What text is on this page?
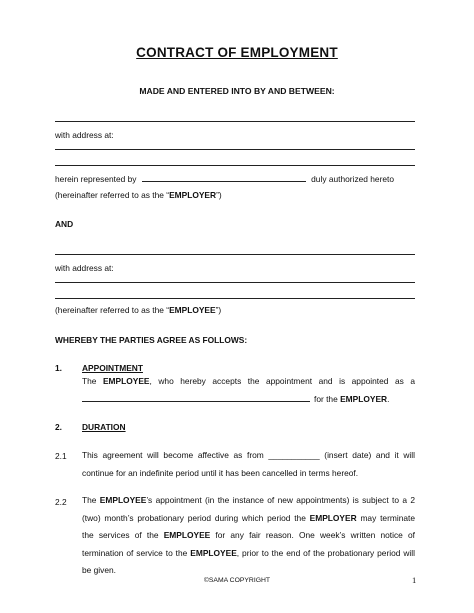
CONTRACT OF EMPLOYMENT
MADE AND ENTERED INTO BY AND BETWEEN:
with address at:
herein represented by	duly authorized hereto
(hereinafter referred to as the “EMPLOYER”)
AND
with address at:
(hereinafter referred to as the “EMPLOYEE”)
WHEREBY THE PARTIES AGREE AS FOLLOWS:
1. APPOINTMENT
The EMPLOYEE, who hereby accepts the appointment and is appointed as a
for the EMPLOYER.
2. DURATION
2.1 This agreement will become affective as from ___________ (insert date) and it will
continue for an indefinite period until it has been cancelled in terms hereof.
2.2 The EMPLOYEE’s appointment (in the instance of new appointments) is subject to a 2
(two) month’s probationary period during which period the EMPLOYER may terminate
the services of the EMPLOYEE for any fair reason. One week’s written notice of
termination of service to the EMPLOYEE, prior to the end of the probationary period will
be given.
©SAMA COPYRIGHT	1
